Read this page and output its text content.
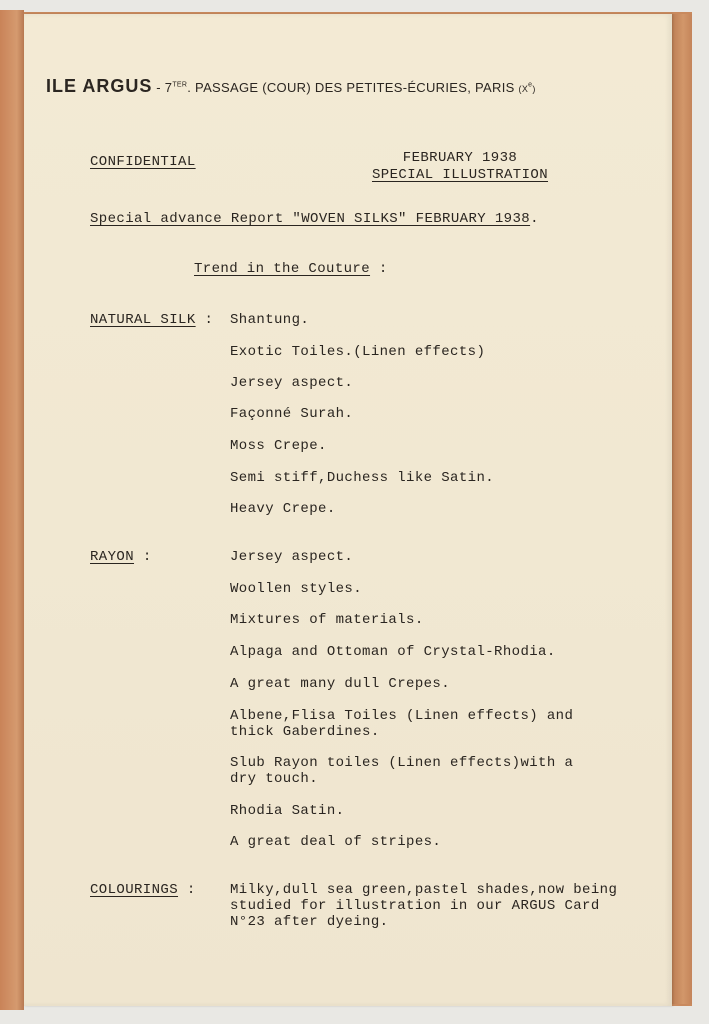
ILE ARGUS - $7^{TER}$. PASSAGE (COUR) DES PETITES-ÉCURIES, PARIS (Xe)
CONFIDENTIAL	FEBRUARY 1938
SPECIAL ILLUSTRATION
Special advance Report "WOVEN SILKS" FEBRUARY 1938.
Trend in the Couture :
NATURAL SILK : Shantung.
Exotic Toiles.(Linen effects)
Jersey aspect.
Façonné Surah.
Moss Crepe.
Semi stiff,Duchess like Satin.
Heavy Crepe.
RAYON :	Jersey aspect.
Woollen styles.
Mixtures of materials.
Alpaga and Ottoman of Crystal-Rhodia.
A great many dull Crepes.
Albene,Flisa Toiles (Linen effects) and
thick Gaberdines.
Slub Rayon toiles (Linen effects)with a
dry touch.
Rhodia Satin.
A great deal of stripes.
COLOURINGS : Milky,dull sea green,pastel shades,now being
studied for illustration in our ARGUS Card
N°23 after dyeing.
